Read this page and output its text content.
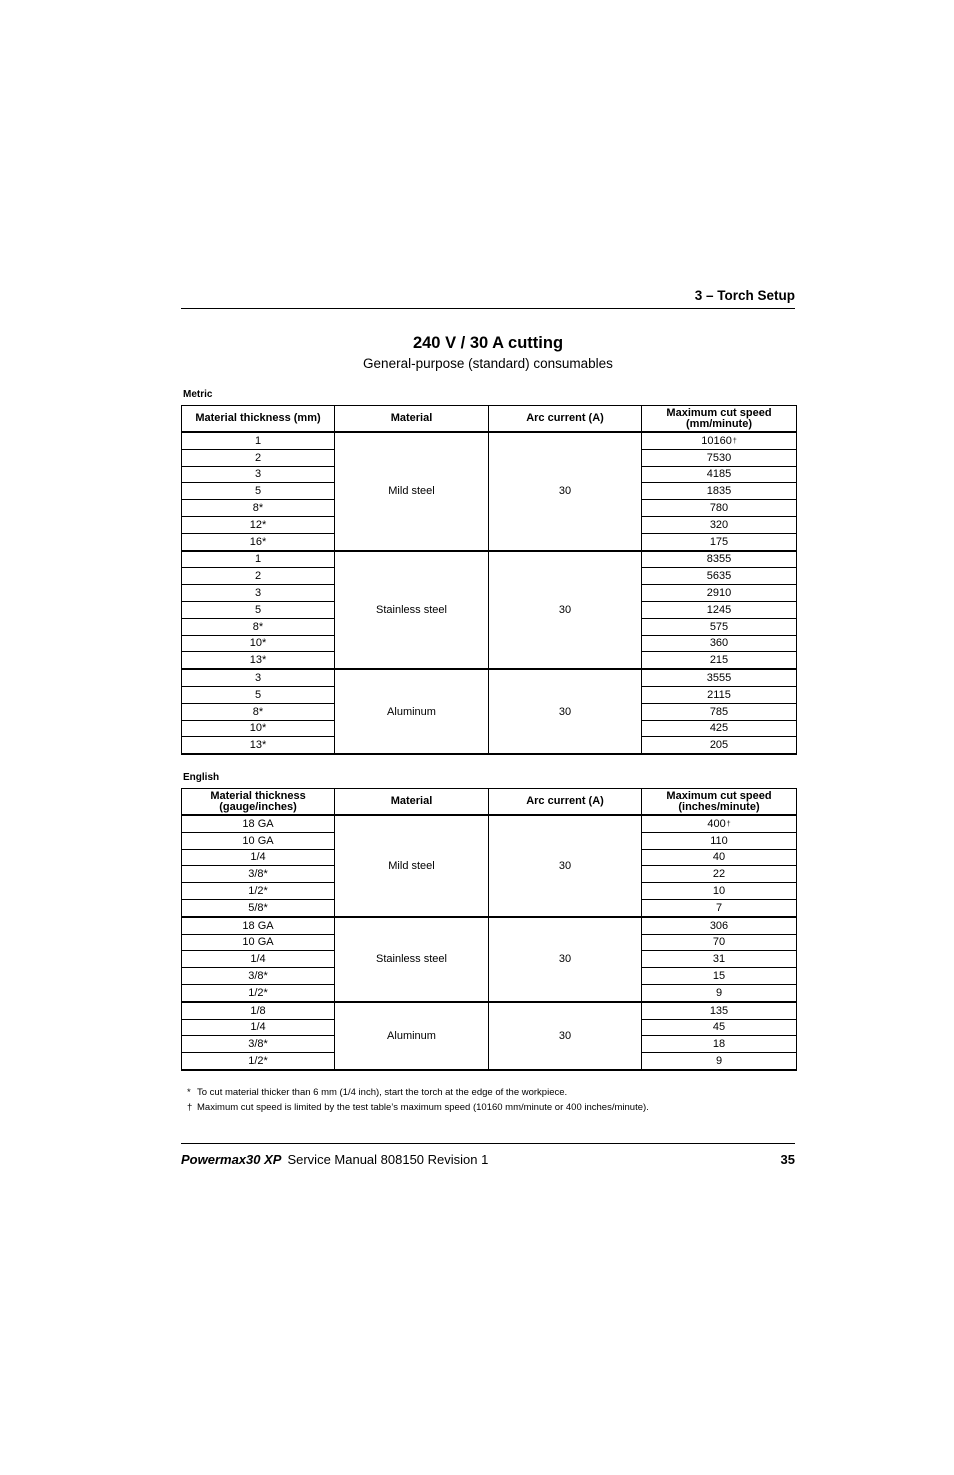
3 – Torch Setup
240 V / 30 A cutting
General-purpose (standard) consumables
Metric
Material thickness (mm)	Material	Arc current (A)	Maximum cut speed (mm/minute)
1	Mild steel	30	10160†
2			7530
3			4185
5			1835
8*			780
12*			320
16*			175
1	Stainless steel	30	8355
2			5635
3			2910
5			1245
8*			575
10*			360
13*			215
3	Aluminum	30	3555
5			2115
8*			785
10*			425
13*			205
English
Material thickness (gauge/inches)	Material	Arc current (A)	Maximum cut speed (inches/minute)
18 GA	Mild steel	30	400†
10 GA			110
1/4			40
3/8*			22
1/2*			10
5/8*			7
18 GA	Stainless steel	30	306
10 GA			70
1/4			31
3/8*			15
1/2*			9
1/8	Aluminum	30	135
1/4			45
3/8*			18
1/2*			9
* To cut material thicker than 6 mm (1/4 inch), start the torch at the edge of the workpiece.
† Maximum cut speed is limited by the test table’s maximum speed (10160 mm/minute or 400 inches/minute).
Powermax30 XP Service Manual 808150 Revision 1	35
